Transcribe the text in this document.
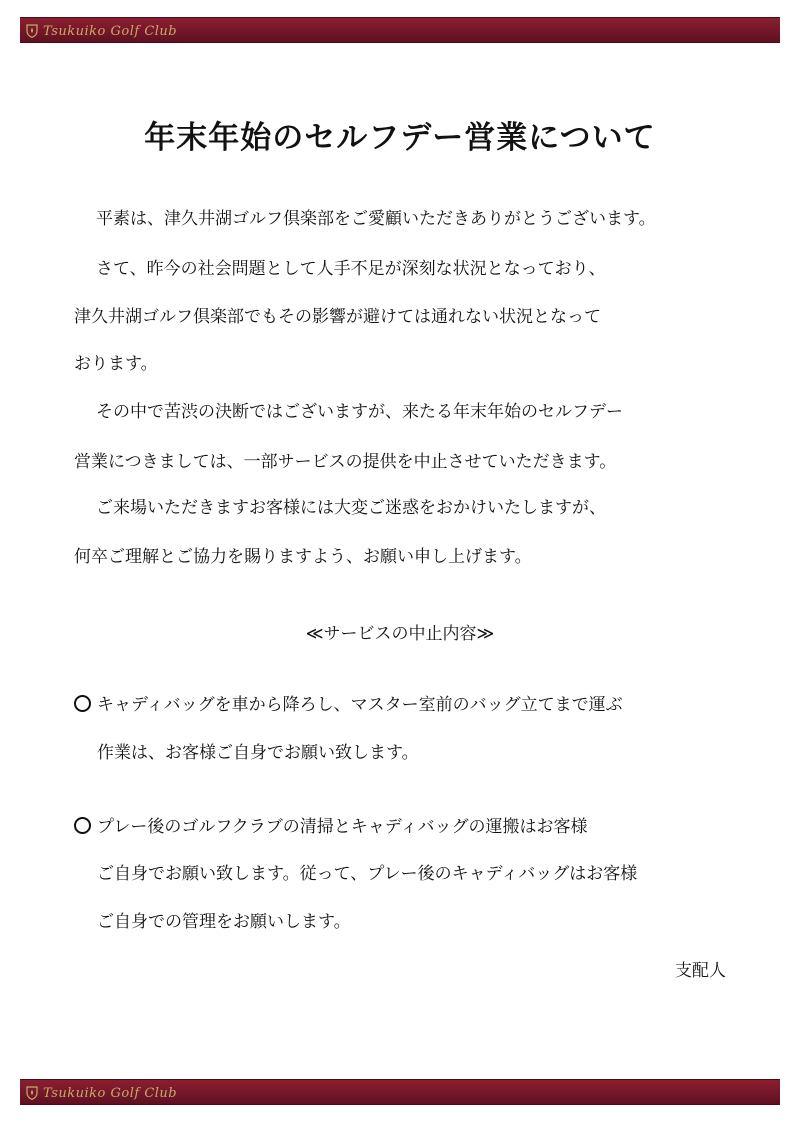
Tsukuiko Golf Club
年末年始のセルフデー営業について
平素は、津久井湖ゴルフ倶楽部をご愛顧いただきありがとうございます。
さて、昨今の社会問題として人手不足が深刻な状況となっており、
津久井湖ゴルフ倶楽部でもその影響が避けては通れない状況となって
おります。
その中で苦渋の決断ではございますが、来たる年末年始のセルフデー
営業につきましては、一部サービスの提供を中止させていただきます。
ご来場いただきますお客様には大変ご迷惑をおかけいたしますが、
何卒ご理解とご協力を賜りますよう、お願い申し上げます。
≪サービスの中止内容≫
キャディバッグを車から降ろし、マスター室前のバッグ立てまで運ぶ
作業は、お客様ご自身でお願い致します。
プレー後のゴルフクラブの清掃とキャディバッグの運搬はお客様
ご自身でお願い致します。従って、プレー後のキャディバッグはお客様
ご自身での管理をお願いします。
支配人
Tsukuiko Golf Club
